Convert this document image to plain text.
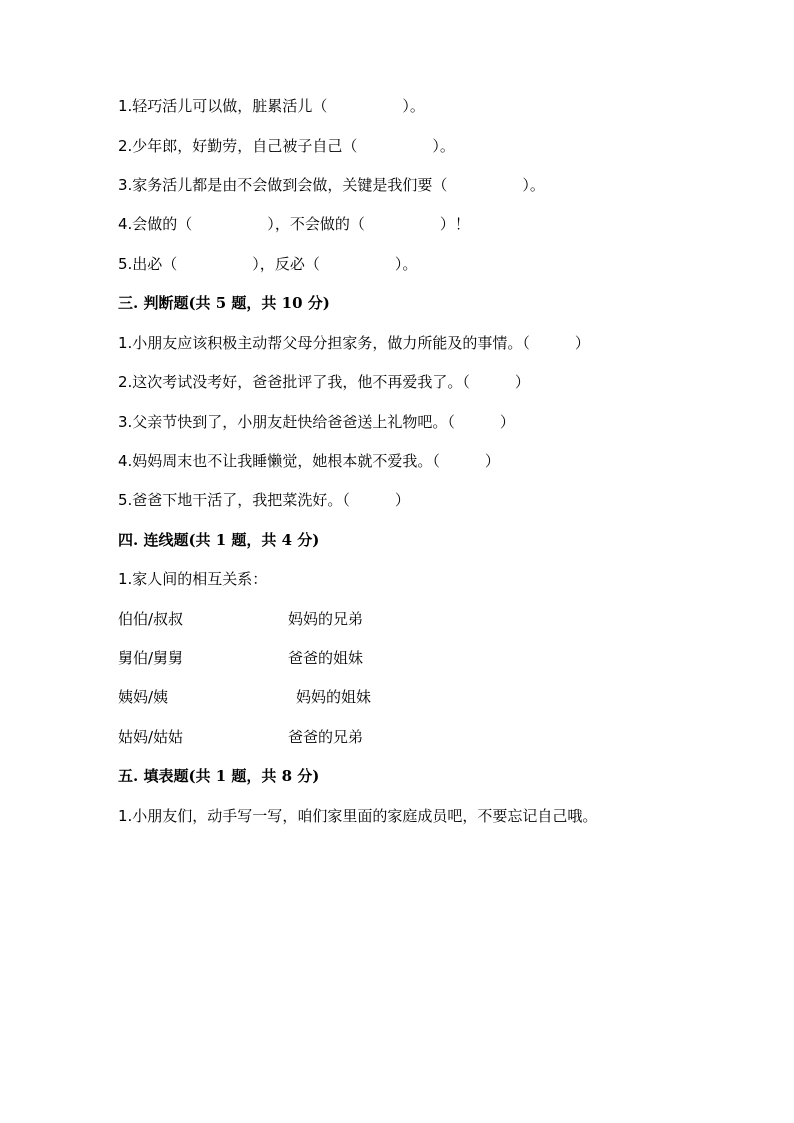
1.轻巧活儿可以做，脏累活儿（　　　　　）。
2.少年郎，好勤劳，自己被子自己（　　　　　）。
3.家务活儿都是由不会做到会做，关键是我们要（　　　　　）。
4.会做的（　　　　　），不会做的（　　　　　）！
5.出必（　　　　　），反必（　　　　　）。
三. 判断题(共 5 题，共 10 分)
1.小朋友应该积极主动帮父母分担家务，做力所能及的事情。（　　　）
2.这次考试没考好，爸爸批评了我，他不再爱我了。（　　　）
3.父亲节快到了，小朋友赶快给爸爸送上礼物吧。（　　　）
4.妈妈周末也不让我睡懒觉，她根本就不爱我。（　　　）
5.爸爸下地干活了，我把菜洗好。（　　　）
四. 连线题(共 1 题，共 4 分)
1.家人间的相互关系：
伯伯/叔叔	妈妈的兄弟
舅伯/舅舅	爸爸的姐妹
姨妈/姨	妈妈的姐妹
姑妈/姑姑	爸爸的兄弟
五. 填表题(共 1 题，共 8 分)
1.小朋友们，动手写一写，咱们家里面的家庭成员吧，不要忘记自己哦。
